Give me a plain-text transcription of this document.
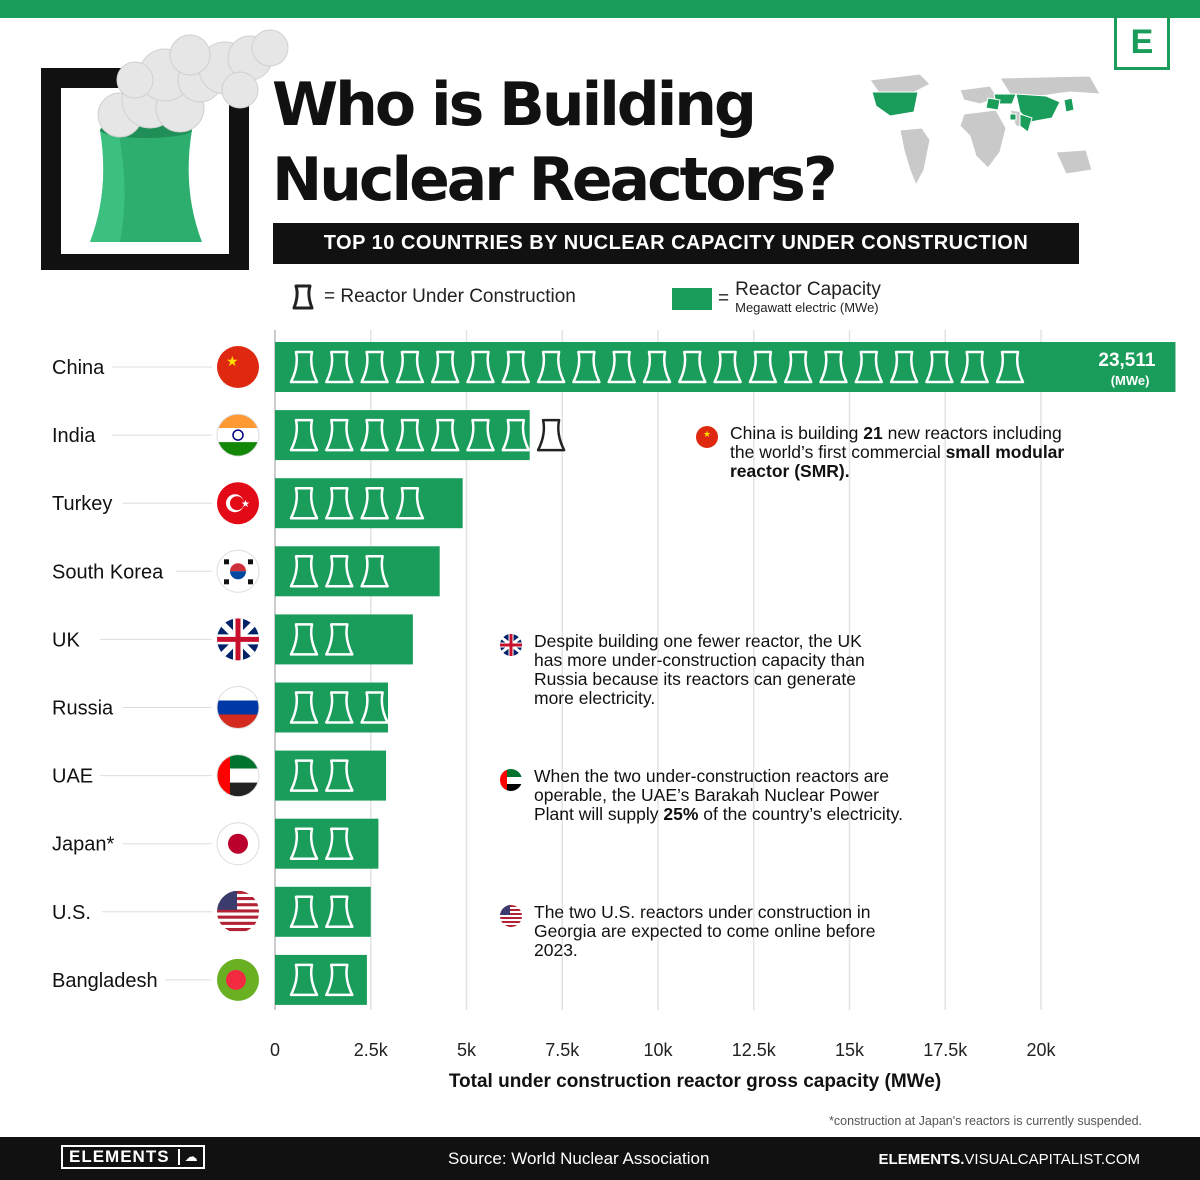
E
Who is Building
Nuclear Reactors?
TOP 10 COUNTRIES BY NUCLEAR CAPACITY UNDER CONSTRUCTION
= Reactor Under Construction	= Reactor Capacity
Megawatt electric (MWe)
China	★	23,511
(MWe)
India
Turkey	★
South Korea
UK
Russia
UAE
Japan*
U.S.
Bangladesh
0	2.5k	5k	7.5k	10k	12.5k	15k	17.5k	20k
★ China is building 21 new reactors including the world’s first commercial small modular reactor (SMR).
Despite building one fewer reactor, the UK has more under-construction capacity than Russia because its reactors can generate more electricity.
When the two under-construction reactors are operable, the UAE’s Barakah Nuclear Power Plant will supply 25% of the country’s electricity.
The two U.S. reactors under construction in Georgia are expected to come online before 2023.
Total under construction reactor gross capacity (MWe)
*construction at Japan's reactors is currently suspended.
ELEMENTS	☁	Source: World Nuclear Association	ELEMENTS.VISUALCAPITALIST.COM
